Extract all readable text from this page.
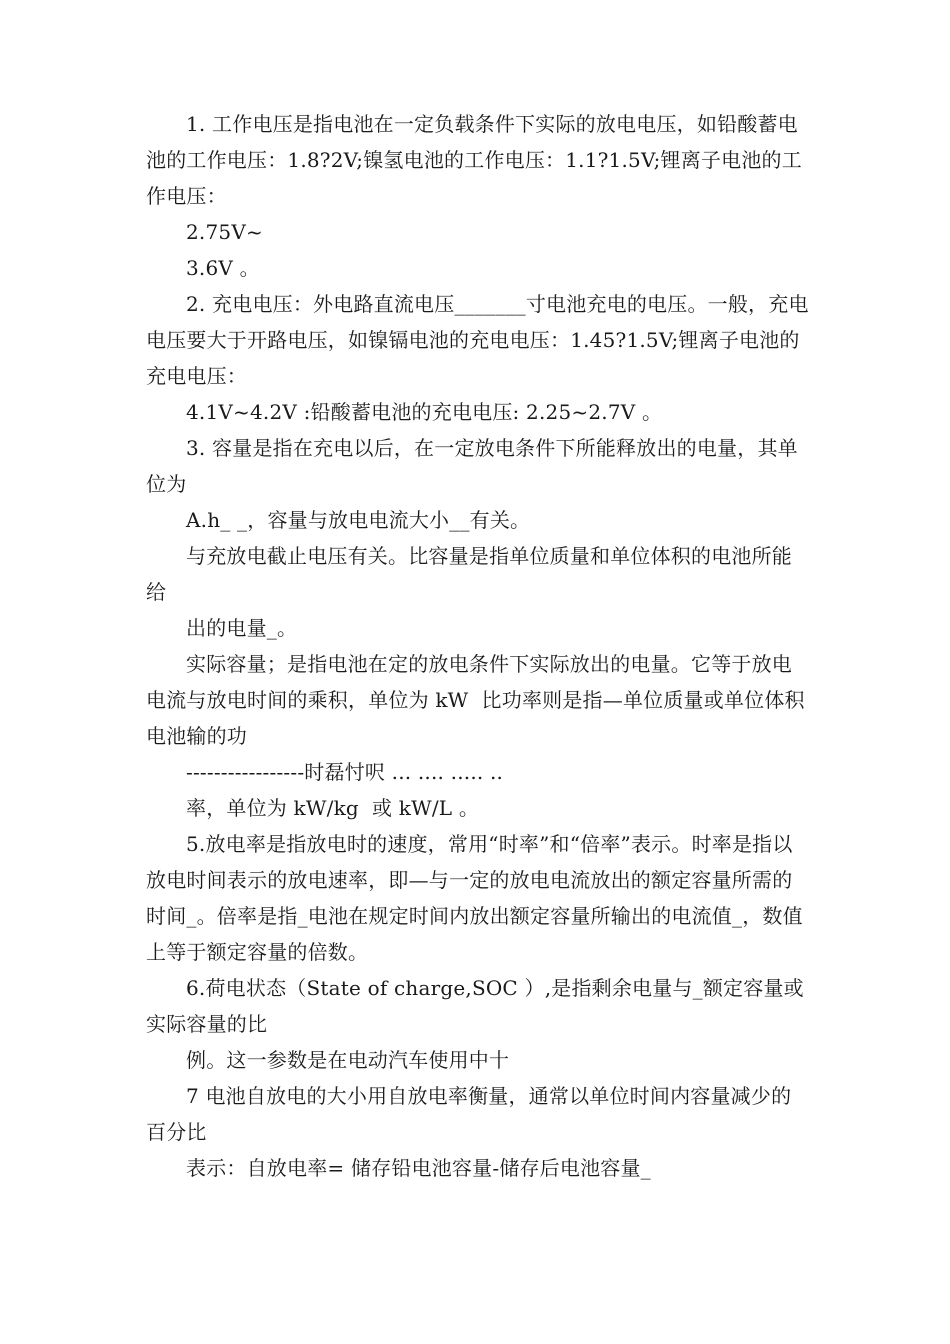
1. 工作电压是指电池在一定负载条件下实际的放电电压，如铅酸蓄电池的工作电压：1.8?2V;镍氢电池的工作电压：1.1?1.5V;锂离子电池的工作电压：

2.75V~

3.6V 。

2. 充电电压：外电路直流电压_______寸电池充电的电压。一般，充电电压要大于开路电压，如镍镉电池的充电电压：1.45?1.5V;锂离子电池的充电电压：

4.1V~4.2V :铅酸蓄电池的充电电压: 2.25~2.7V 。

3. 容量是指在充电以后，在一定放电条件下所能释放出的电量，其单位为

A.h_ _，容量与放电电流大小__有关。

与充放电截止电压有关。比容量是指单位质量和单位体积的电池所能给

出的电量_。

实际容量；是指电池在定的放电条件下实际放出的电量。它等于放电电流与放电时间的乘积，单位为 kW  比功率则是指—单位质量或单位体积电池输的功

-----------------时磊忖呎 ... .... ..... ..

率，单位为 kW/kg  或 kW/L 。

5.放电率是指放电时的速度，常用“时率”和“倍率”表示。时率是指以放电时间表示的放电速率，即—与一定的放电电流放出的额定容量所需的时间_。倍率是指_电池在规定时间内放出额定容量所输出的电流值_，数值上等于额定容量的倍数。

6.荷电状态（State of charge,SOC ）,是指剩余电量与_额定容量或实际容量的比

例。这一参数是在电动汽车使用中十

7 电池自放电的大小用自放电率衡量，通常以单位时间内容量减少的百分比

表示：自放电率= 储存铅电池容量-储存后电池容量_
